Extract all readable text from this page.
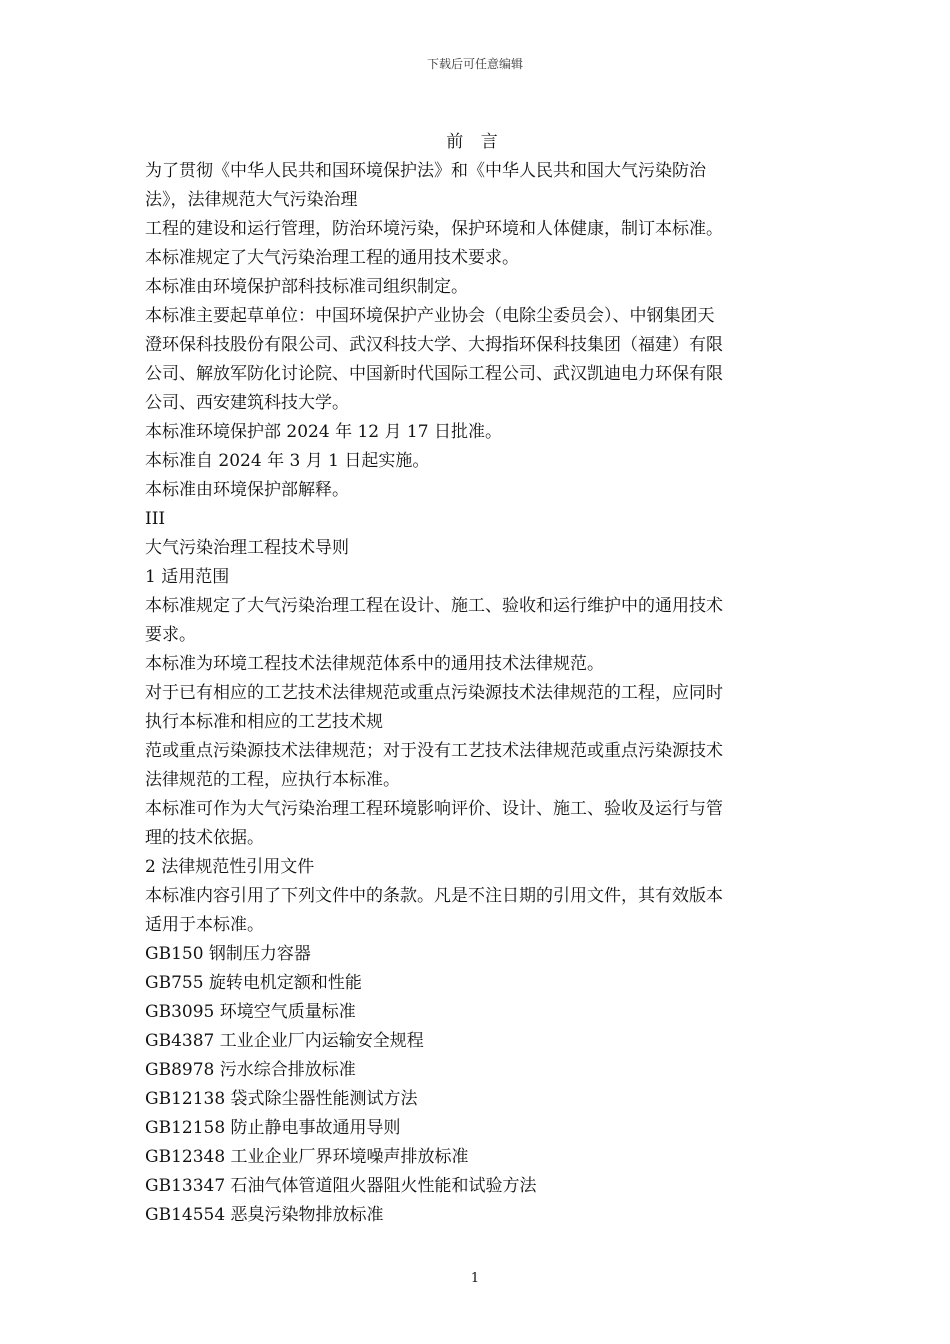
下载后可任意编辑
前 言
为了贯彻《中华人民共和国环境保护法》和《中华人民共和国大气污染防治
法》，法律规范大气污染治理
工程的建设和运行管理，防治环境污染，保护环境和人体健康，制订本标准。
本标准规定了大气污染治理工程的通用技术要求。
本标准由环境保护部科技标准司组织制定。
本标准主要起草单位：中国环境保护产业协会（电除尘委员会）、中钢集团天
澄环保科技股份有限公司、武汉科技大学、大拇指环保科技集团（福建）有限
公司、解放军防化讨论院、中国新时代国际工程公司、武汉凯迪电力环保有限
公司、西安建筑科技大学。
本标准环境保护部 2024 年 12 月 17 日批准。
本标准自 2024 年 3 月 1 日起实施。
本标准由环境保护部解释。
III
大气污染治理工程技术导则
1 适用范围
本标准规定了大气污染治理工程在设计、施工、验收和运行维护中的通用技术
要求。
本标准为环境工程技术法律规范体系中的通用技术法律规范。
对于已有相应的工艺技术法律规范或重点污染源技术法律规范的工程，应同时
执行本标准和相应的工艺技术规
范或重点污染源技术法律规范；对于没有工艺技术法律规范或重点污染源技术
法律规范的工程，应执行本标准。
本标准可作为大气污染治理工程环境影响评价、设计、施工、验收及运行与管
理的技术依据。
2 法律规范性引用文件
本标准内容引用了下列文件中的条款。凡是不注日期的引用文件，其有效版本
适用于本标准。
GB150 钢制压力容器
GB755 旋转电机定额和性能
GB3095 环境空气质量标准
GB4387 工业企业厂内运输安全规程
GB8978 污水综合排放标准
GB12138 袋式除尘器性能测试方法
GB12158 防止静电事故通用导则
GB12348 工业企业厂界环境噪声排放标准
GB13347 石油气体管道阻火器阻火性能和试验方法
GB14554 恶臭污染物排放标准
1
